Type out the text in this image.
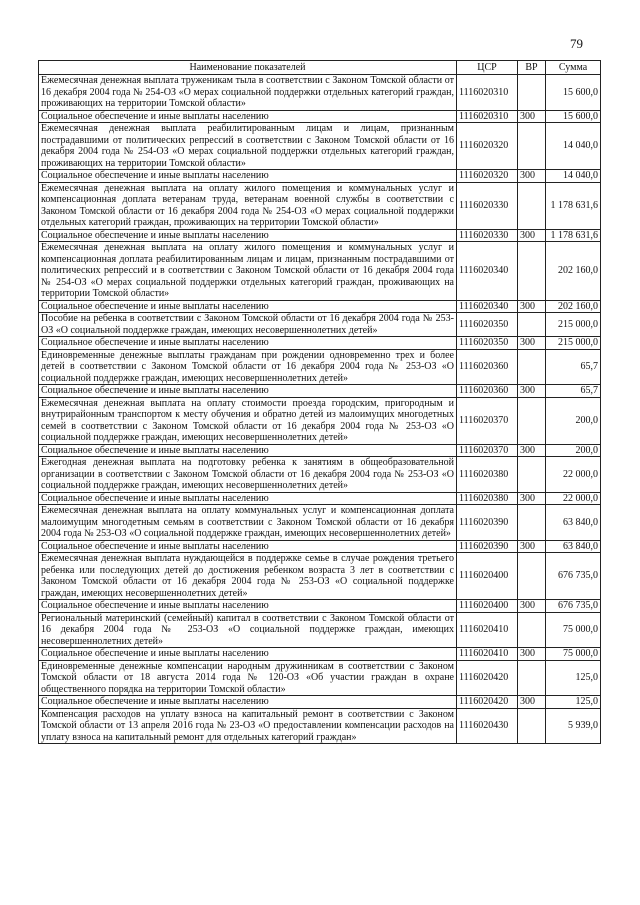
79
Наименование показателей	ЦСР	ВР	Сумма
Ежемесячная денежная выплата труженикам тыла в соответствии с Законом Томской области от 16 декабря 2004 года № 254-ОЗ «О мерах социальной поддержки отдельных категорий граждан, проживающих на территории Томской области»	1116020310		15 600,0
Социальное обеспечение и иные выплаты населению	1116020310	300	15 600,0
Ежемесячная денежная выплата реабилитированным лицам и лицам, признанным пострадавшими от политических репрессий в соответствии с Законом Томской области от 16 декабря 2004 года № 254-ОЗ «О мерах социальной поддержки отдельных категорий граждан, проживающих на территории Томской области»	1116020320		14 040,0
Социальное обеспечение и иные выплаты населению	1116020320	300	14 040,0
Ежемесячная денежная выплата на оплату жилого помещения и коммунальных услуг и компенсационная доплата ветеранам труда, ветеранам военной службы в соответствии с Законом Томской области от 16 декабря 2004 года № 254-ОЗ «О мерах социальной поддержки отдельных категорий граждан, проживающих на территории Томской области»	1116020330		1 178 631,6
Социальное обеспечение и иные выплаты населению	1116020330	300	1 178 631,6
Ежемесячная денежная выплата на оплату жилого помещения и коммунальных услуг и компенсационная доплата реабилитированным лицам и лицам, признанным пострадавшими от политических репрессий и в соответствии с Законом Томской области от 16 декабря 2004 года № 254-ОЗ «О мерах социальной поддержки отдельных категорий граждан, проживающих на территории Томской области»	1116020340		202 160,0
Социальное обеспечение и иные выплаты населению	1116020340	300	202 160,0
Пособие на ребенка в соответствии с Законом Томской области от 16 декабря 2004 года № 253-ОЗ «О социальной поддержке граждан, имеющих несовершеннолетних детей»	1116020350		215 000,0
Социальное обеспечение и иные выплаты населению	1116020350	300	215 000,0
Единовременные денежные выплаты гражданам при рождении одновременно трех и более детей в соответствии с Законом Томской области от 16 декабря 2004 года № 253-ОЗ «О социальной поддержке граждан, имеющих несовершеннолетних детей»	1116020360		65,7
Социальное обеспечение и иные выплаты населению	1116020360	300	65,7
Ежемесячная денежная выплата на оплату стоимости проезда городским, пригородным и внутрирайонным транспортом к месту обучения и обратно детей из малоимущих многодетных семей в соответствии с Законом Томской области от 16 декабря 2004 года № 253-ОЗ «О социальной поддержке граждан, имеющих несовершеннолетних детей»	1116020370		200,0
Социальное обеспечение и иные выплаты населению	1116020370	300	200,0
Ежегодная денежная выплата на подготовку ребенка к занятиям в общеобразовательной организации в соответствии с Законом Томской области от 16 декабря 2004 года № 253-ОЗ «О социальной поддержке граждан, имеющих несовершеннолетних детей»	1116020380		22 000,0
Социальное обеспечение и иные выплаты населению	1116020380	300	22 000,0
Ежемесячная денежная выплата на оплату коммунальных услуг и компенсационная доплата малоимущим многодетным семьям в соответствии с Законом Томской области от 16 декабря 2004 года № 253-ОЗ «О социальной поддержке граждан, имеющих несовершеннолетних детей»	1116020390		63 840,0
Социальное обеспечение и иные выплаты населению	1116020390	300	63 840,0
Ежемесячная денежная выплата нуждающейся в поддержке семье в случае рождения третьего ребенка или последующих детей до достижения ребенком возраста 3 лет в соответствии с Законом Томской области от 16 декабря 2004 года № 253-ОЗ «О социальной поддержке граждан, имеющих несовершеннолетних детей»	1116020400		676 735,0
Социальное обеспечение и иные выплаты населению	1116020400	300	676 735,0
Региональный материнский (семейный) капитал в соответствии с Законом Томской области от 16 декабря 2004 года № 253-ОЗ «О социальной поддержке граждан, имеющих несовершеннолетних детей»	1116020410		75 000,0
Социальное обеспечение и иные выплаты населению	1116020410	300	75 000,0
Единовременные денежные компенсации народным дружинникам в соответствии с Законом Томской области от 18 августа 2014 года № 120-ОЗ «Об участии граждан в охране общественного порядка на территории Томской области»	1116020420		125,0
Социальное обеспечение и иные выплаты населению	1116020420	300	125,0
Компенсация расходов на уплату взноса на капитальный ремонт в соответствии с Законом Томской области от 13 апреля 2016 года № 23-ОЗ «О предоставлении компенсации расходов на уплату взноса на капитальный ремонт для отдельных категорий граждан»	1116020430		5 939,0
